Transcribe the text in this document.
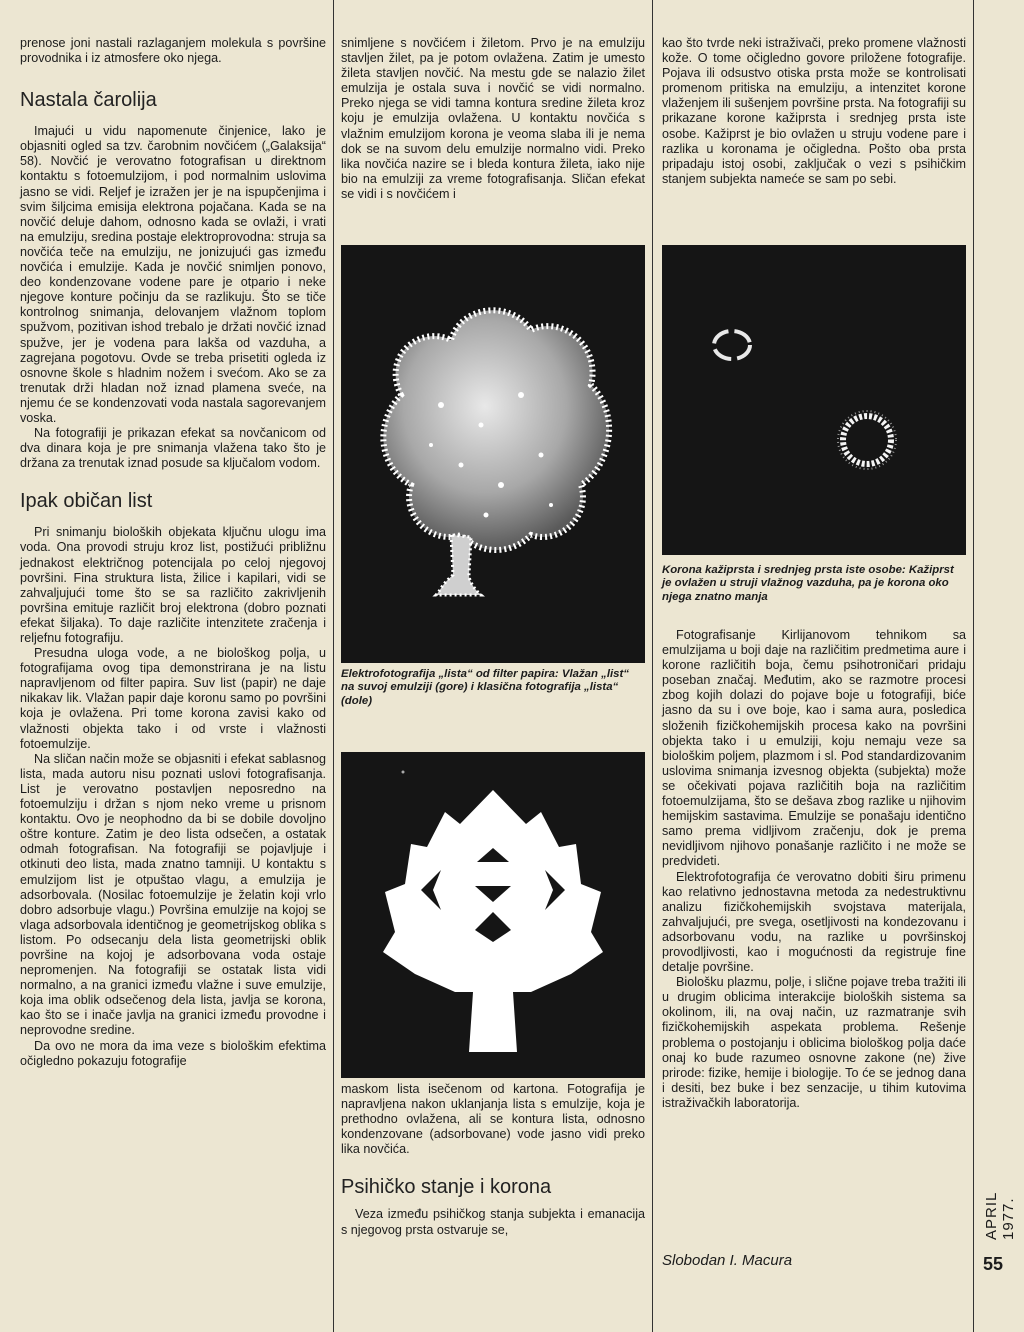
prenose joni nastali razlaganjem molekula s površine provodnika i iz atmosfere oko njega.

Nastala čarolija

Imajući u vidu napomenute činjenice, lako je objasniti ogled sa tzv. čarobnim novčićem („Galaksija“ 58). Novčić je verovatno fotografisan u direktnom kontaktu s fotoemulzijom, i pod normalnim uslovima jasno se vidi. Reljef je izražen jer je na ispupčenjima i svim šiljcima emisija elektrona pojačana. Kada se na novčić deluje dahom, odnosno kada se ovlaži, i vrati na emulziju, sredina postaje elektroprovodna: struja sa novčića teče na emulziju, ne jonizujući gas između novčića i emulzije. Kada je novčić snimljen ponovo, deo kondenzovane vodene pare je otpario i neke njegove konture počinju da se razlikuju. Što se tiče kontrolnog snimanja, delovanjem vlažnom toplom spužvom, pozitivan ishod trebalo je držati novčić iznad spužve, jer je vodena para lakša od vazduha, a zagrejana pogotovu. Ovde se treba prisetiti ogleda iz osnovne škole s hladnim nožem i svećom. Ako se za trenutak drži hladan nož iznad plamena sveće, na njemu će se kondenzovati voda nastala sagorevanjem voska.

Na fotografiji je prikazan efekat sa novčanicom od dva dinara koja je pre snimanja vlažena tako što je držana za trenutak iznad posude sa ključalom vodom.

Ipak običan list

Pri snimanju bioloških objekata ključnu ulogu ima voda. Ona provodi struju kroz list, postižući približnu jednakost električnog potencijala po celoj njegovoj površini. Fina struktura lista, žilice i kapilari, vidi se zahvaljujući tome što se sa različito zakrivljenih površina emituje različit broj elektrona (dobro poznati efekat šiljaka). To daje različite intenzitete zračenja i reljefnu fotografiju.

Presudna uloga vode, a ne biološkog polja, u fotografijama ovog tipa demonstrirana je na listu napravljenom od filter papira. Suv list (papir) ne daje nikakav lik. Vlažan papir daje koronu samo po površini koja je ovlažena. Pri tome korona zavisi kako od vlažnosti objekta tako i od vrste i vlažnosti fotoemulzije.

Na sličan način može se objasniti i efekat sablasnog lista, mada autoru nisu poznati uslovi fotografisanja. List je verovatno postavljen neposredno na fotoemulziju i držan s njom neko vreme u prisnom kontaktu. Ovo je neophodno da bi se dobile dovoljno oštre konture. Zatim je deo lista odsečen, a ostatak odmah fotografisan. Na fotografiji se pojavljuje i otkinuti deo lista, mada znatno tamniji. U kontaktu s emulzijom list je otpuštao vlagu, a emulzija je adsorbovala. (Nosilac fotoemulzije je želatin koji vrlo dobro adsorbuje vlagu.) Površina emulzije na kojoj se vlaga adsorbovala identičnog je geometrijskog oblika s listom. Po odsecanju dela lista geometrijski oblik površine na kojoj je adsorbovana voda ostaje nepromenjen. Na fotografiji se ostatak lista vidi normalno, a na granici između vlažne i suve emulzije, koja ima oblik odsečenog dela lista, javlja se korona, kao što se i inače javlja na granici između provodne i neprovodne sredine.

Da ovo ne mora da ima veze s biološkim efektima očigledno pokazuju fotografije

snimljene s novčićem i žiletom. Prvo je na emulziju stavljen žilet, pa je potom ovlažena. Zatim je umesto žileta stavljen novčić. Na mestu gde se nalazio žilet emulzija je ostala suva i novčić se vidi normalno. Preko njega se vidi tamna kontura sredine žileta kroz koju je emulzija ovlažena. U kontaktu novčića s vlažnim emulzijom korona je veoma slaba ili je nema dok se na suvom delu emulzije normalno vidi. Preko lika novčića nazire se i bleda kontura žileta, iako nije bio na emulziji za vreme fotografisanja. Sličan efekat se vidi i s novčićem i

Elektrofotografija „lista“ od filter papira: Vlažan „list“ na suvoj emulziji (gore) i klasična fotografija „lista“ (dole)

maskom lista isečenom od kartona. Fotografija je napravljena nakon uklanjanja lista s emulzije, koja je prethodno ovlažena, ali se kontura lista, odnosno kondenzovane (adsorbovane) vode jasno vidi preko lika novčića.

Psihičko stanje i korona

Veza između psihičkog stanja subjekta i emanacija s njegovog prsta ostvaruje se,

kao što tvrde neki istraživači, preko promene vlažnosti kože. O tome očigledno govore priložene fotografije. Pojava ili odsustvo otiska prsta može se kontrolisati promenom pritiska na emulziju, a intenzitet korone vlaženjem ili sušenjem površine prsta. Na fotografiji su prikazane korone kažiprsta i srednjeg prsta iste osobe. Kažiprst je bio ovlažen u struju vodene pare i razlika u koronama je očigledna. Pošto oba prsta pripadaju istoj osobi, zaključak o vezi s psihičkim stanjem subjekta nameće se sam po sebi.

Korona kažiprsta i srednjeg prsta iste osobe: Kažiprst je ovlažen u struji vlažnog vazduha, pa je korona oko njega znatno manja

Fotografisanje Kirlijanovom tehnikom sa emulzijama u boji daje na različitim predmetima aure i korone različitih boja, čemu psihotroničari pridaju poseban značaj. Međutim, ako se razmotre procesi zbog kojih dolazi do pojave boje u fotografiji, biće jasno da su i ove boje, kao i sama aura, posledica složenih fizičkohemijskih procesa kako na površini objekta tako i u emulziji, koju nemaju veze sa biološkim poljem, plazmom i sl. Pod standardizovanim uslovima snimanja izvesnog objekta (subjekta) može se očekivati pojava različitih boja na različitim fotoemulzijama, što se dešava zbog razlike u njihovim hemijskim sastavima. Emulzije se ponašaju identično samo prema vidljivom zračenju, dok je prema nevidljivom njihovo ponašanje različito i ne može se predvideti.

Elektrofotografija će verovatno dobiti širu primenu kao relativno jednostavna metoda za nedestruktivnu analizu fizičkohemijskih svojstava materijala, zahvaljujući, pre svega, osetljivosti na kondezovanu i adsorbovanu vodu, na razlike u površinskoj provodljivosti, kao i mogućnosti da registruje fine detalje površine.

Biološku plazmu, polje, i slične pojave treba tražiti ili u drugim oblicima interakcije bioloških sistema sa okolinom, ili, na ovaj način, uz razmatranje svih fizičkohemijskih aspekata problema. Rešenje problema o postojanju i oblicima biološkog polja daće onaj ko bude razumeo osnovne zakone (ne) žive prirode: fizike, hemije i biologije. To će se jednog dana i desiti, bez buke i bez senzacije, u tihim kutovima istraživačkih laboratorija.

Slobodan I. Macura
APRIL 1977.
55
